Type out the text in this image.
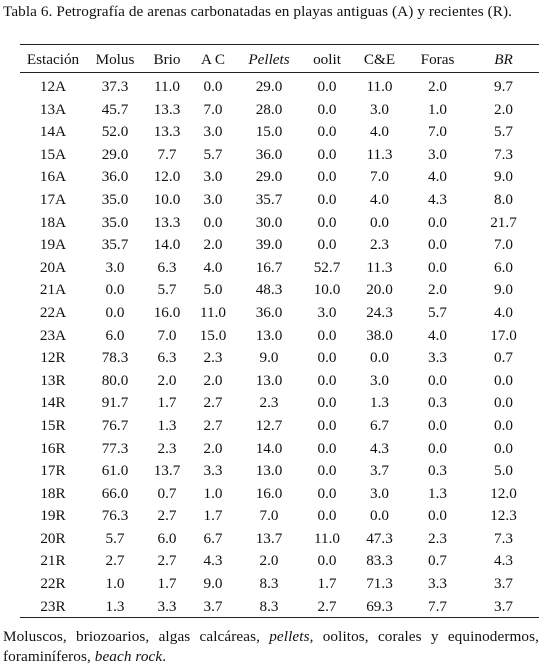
Tabla 6. Petrografía de arenas carbonatadas en playas antiguas (A) y recientes (R).
Estación	Molus	Brio	A C	Pellets	oolit	C&E	Foras	BR
12A	37.3	11.0	0.0	29.0	0.0	11.0	2.0	9.7
13A	45.7	13.3	7.0	28.0	0.0	3.0	1.0	2.0
14A	52.0	13.3	3.0	15.0	0.0	4.0	7.0	5.7
15A	29.0	7.7	5.7	36.0	0.0	11.3	3.0	7.3
16A	36.0	12.0	3.0	29.0	0.0	7.0	4.0	9.0
17A	35.0	10.0	3.0	35.7	0.0	4.0	4.3	8.0
18A	35.0	13.3	0.0	30.0	0.0	0.0	0.0	21.7
19A	35.7	14.0	2.0	39.0	0.0	2.3	0.0	7.0
20A	3.0	6.3	4.0	16.7	52.7	11.3	0.0	6.0
21A	0.0	5.7	5.0	48.3	10.0	20.0	2.0	9.0
22A	0.0	16.0	11.0	36.0	3.0	24.3	5.7	4.0
23A	6.0	7.0	15.0	13.0	0.0	38.0	4.0	17.0
12R	78.3	6.3	2.3	9.0	0.0	0.0	3.3	0.7
13R	80.0	2.0	2.0	13.0	0.0	3.0	0.0	0.0
14R	91.7	1.7	2.7	2.3	0.0	1.3	0.3	0.0
15R	76.7	1.3	2.7	12.7	0.0	6.7	0.0	0.0
16R	77.3	2.3	2.0	14.0	0.0	4.3	0.0	0.0
17R	61.0	13.7	3.3	13.0	0.0	3.7	0.3	5.0
18R	66.0	0.7	1.0	16.0	0.0	3.0	1.3	12.0
19R	76.3	2.7	1.7	7.0	0.0	0.0	0.0	12.3
20R	5.7	6.0	6.7	13.7	11.0	47.3	2.3	7.3
21R	2.7	2.7	4.3	2.0	0.0	83.3	0.7	4.3
22R	1.0	1.7	9.0	8.3	1.7	71.3	3.3	3.7
23R	1.3	3.3	3.7	8.3	2.7	69.3	7.7	3.7
Moluscos, briozoarios, algas calcáreas, pellets, oolitos, corales y equinodermos, foraminíferos, beach rock.
